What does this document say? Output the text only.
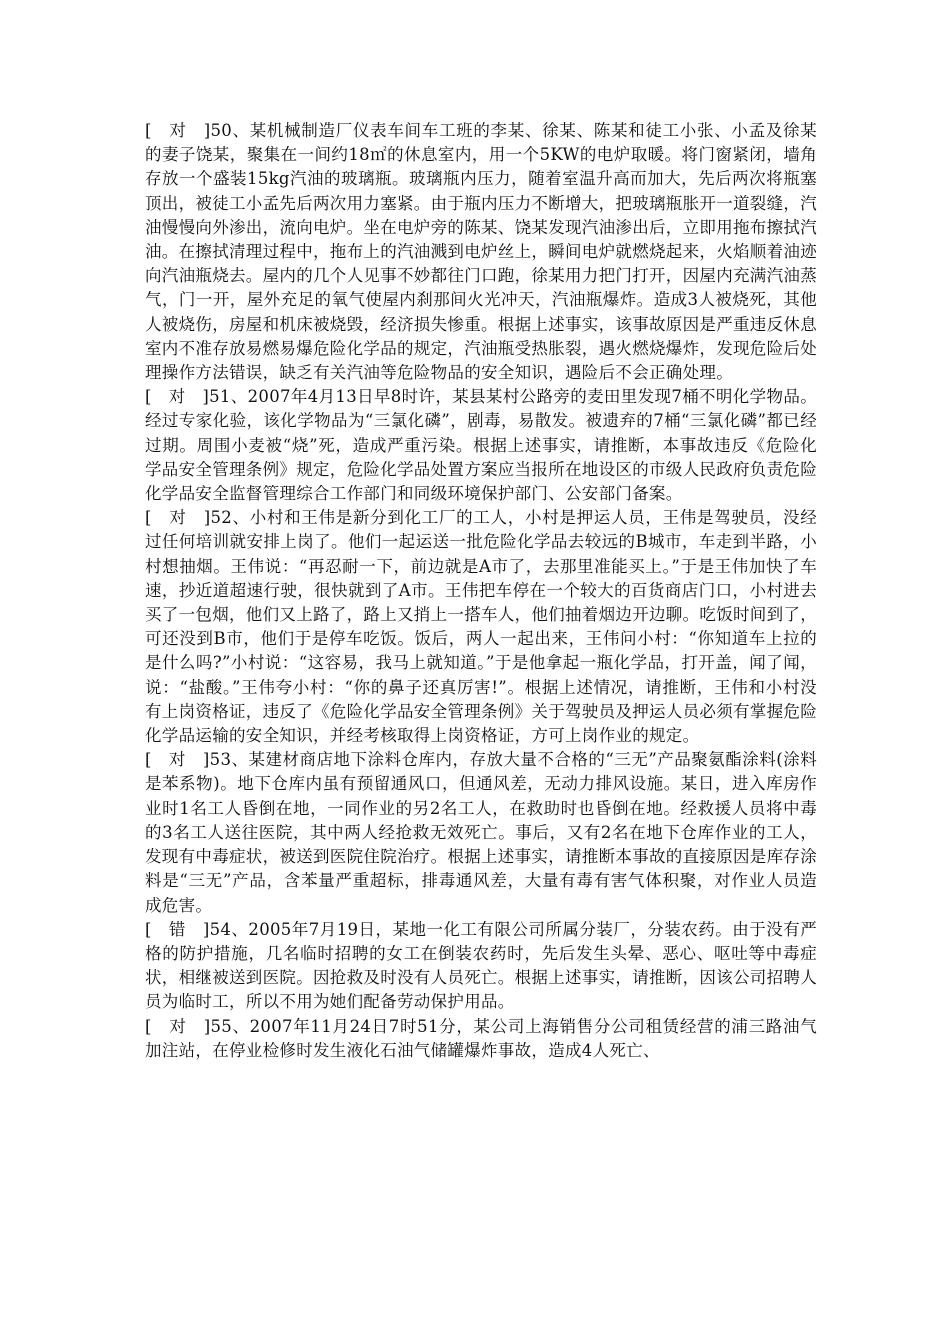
[　对　]50、某机械制造厂仪表车间车工班的李某、徐某、陈某和徒工小张、小孟及徐某的妻子饶某，聚集在一间约18㎡的休息室内，用一个5KW的电炉取暖。将门窗紧闭，墙角存放一个盛装15kg汽油的玻璃瓶。玻璃瓶内压力，随着室温升高而加大，先后两次将瓶塞顶出，被徒工小孟先后两次用力塞紧。由于瓶内压力不断增大，把玻璃瓶胀开一道裂缝，汽油慢慢向外渗出，流向电炉。坐在电炉旁的陈某、饶某发现汽油渗出后，立即用拖布擦拭汽油。在擦拭清理过程中，拖布上的汽油溅到电炉丝上，瞬间电炉就燃烧起来，火焰顺着油迹向汽油瓶烧去。屋内的几个人见事不妙都往门口跑，徐某用力把门打开，因屋内充满汽油蒸气，门一开，屋外充足的氧气使屋内刹那间火光冲天，汽油瓶爆炸。造成3人被烧死，其他人被烧伤，房屋和机床被烧毁，经济损失惨重。根据上述事实，该事故原因是严重违反休息室内不准存放易燃易爆危险化学品的规定，汽油瓶受热胀裂，遇火燃烧爆炸，发现危险后处理操作方法错误，缺乏有关汽油等危险物品的安全知识，遇险后不会正确处理。

[　对　]51、2007年4月13日早8时许，某县某村公路旁的麦田里发现7桶不明化学物品。经过专家化验，该化学物品为“三氯化磷”，剧毒，易散发。被遗弃的7桶“三氯化磷”都已经过期。周围小麦被“烧”死，造成严重污染。根据上述事实，请推断，本事故违反《危险化学品安全管理条例》规定，危险化学品处置方案应当报所在地设区的市级人民政府负责危险化学品安全监督管理综合工作部门和同级环境保护部门、公安部门备案。

[　对　]52、小村和王伟是新分到化工厂的工人，小村是押运人员，王伟是驾驶员，没经过任何培训就安排上岗了。他们一起运送一批危险化学品去较远的B城市，车走到半路，小村想抽烟。王伟说：“再忍耐一下，前边就是A市了，去那里准能买上。”于是王伟加快了车速，抄近道超速行驶，很快就到了A市。王伟把车停在一个较大的百货商店门口，小村进去买了一包烟，他们又上路了，路上又捎上一搭车人，他们抽着烟边开边聊。吃饭时间到了，可还没到B市，他们于是停车吃饭。饭后，两人一起出来，王伟问小村：“你知道车上拉的是什么吗?”小村说：“这容易，我马上就知道。”于是他拿起一瓶化学品，打开盖，闻了闻，说：“盐酸。”王伟夸小村：“你的鼻子还真厉害!”。根据上述情况，请推断，王伟和小村没有上岗资格证，违反了《危险化学品安全管理条例》关于驾驶员及押运人员必须有掌握危险化学品运输的安全知识，并经考核取得上岗资格证，方可上岗作业的规定。

[　对　]53、某建材商店地下涂料仓库内，存放大量不合格的“三无”产品聚氨酯涂料(涂料是苯系物)。地下仓库内虽有预留通风口，但通风差，无动力排风设施。某日，进入库房作业时1名工人昏倒在地，一同作业的另2名工人，在救助时也昏倒在地。经救援人员将中毒的3名工人送往医院，其中两人经抢救无效死亡。事后，又有2名在地下仓库作业的工人，发现有中毒症状，被送到医院住院治疗。根据上述事实，请推断本事故的直接原因是库存涂料是“三无”产品，含苯量严重超标，排毒通风差，大量有毒有害气体积聚，对作业人员造成危害。

[　错　]54、2005年7月19日，某地一化工有限公司所属分装厂，分装农药。由于没有严格的防护措施，几名临时招聘的女工在倒装农药时，先后发生头晕、恶心、呕吐等中毒症状，相继被送到医院。因抢救及时没有人员死亡。根据上述事实，请推断，因该公司招聘人员为临时工，所以不用为她们配备劳动保护用品。

[　对　]55、2007年11月24日7时51分，某公司上海销售分公司租赁经营的浦三路油气加注站，在停业检修时发生液化石油气储罐爆炸事故，造成4人死亡、
